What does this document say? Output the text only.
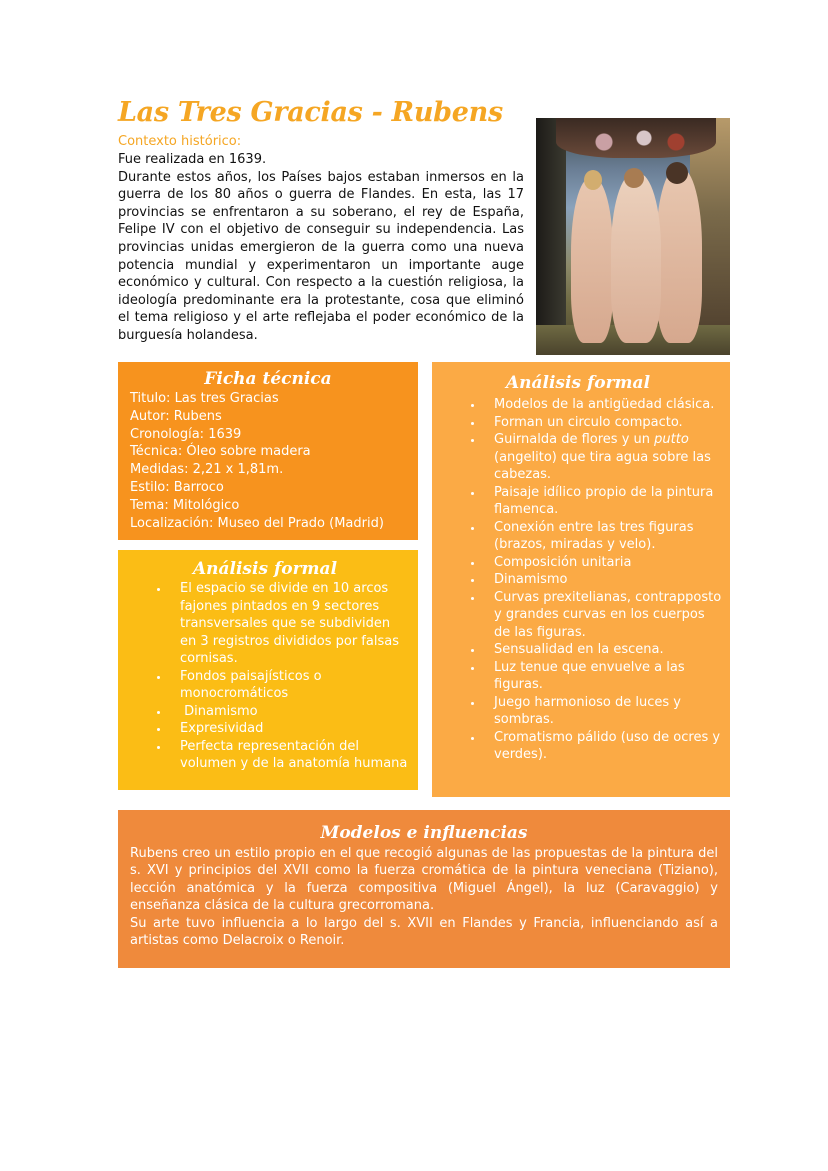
Las Tres Gracias - Rubens
Contexto histórico:

Fue realizada en 1639.

Durante estos años, los Países bajos estaban inmersos en la guerra de los 80 años o guerra de Flandes. En esta, las 17 provincias se enfrentaron a su soberano, el rey de España, Felipe IV con el objetivo de conseguir su independencia. Las provincias unidas emergieron de la guerra como una nueva potencia mundial y experimentaron un importante auge económico y cultural. Con respecto a la cuestión religiosa, la ideología predominante era la protestante, cosa que eliminó el tema religioso y el arte reflejaba el poder económico de la burguesía holandesa.

Ficha técnica
Titulo: Las tres Gracias
Autor: Rubens
Cronología: 1639
Técnica: Óleo sobre madera
Medidas: 2,21 x 1,81m.
Estilo: Barroco
Tema: Mitológico
Localización: Museo del Prado (Madrid)
Análisis formal
• El espacio se divide en 10 arcos fajones pintados en 9 sectores transversales que se subdividen en 3 registros divididos por falsas cornisas.
• Fondos paisajísticos o monocromáticos
•  Dinamismo
• Expresividad
• Perfecta representación del volumen y de la anatomía humana
Análisis formal
• Modelos de la antigüedad clásica.
• Forman un circulo compacto.
• Guirnalda de flores y un putto (angelito) que tira agua sobre las cabezas.
• Paisaje idílico propio de la pintura flamenca.
• Conexión entre las tres figuras (brazos, miradas y velo).
• Composición unitaria
• Dinamismo
• Curvas prexitelianas, contrapposto y grandes curvas en los cuerpos de las figuras.
• Sensualidad en la escena.
• Luz tenue que envuelve a las figuras.
• Juego harmonioso de luces y sombras.
• Cromatismo pálido (uso de ocres y verdes).
Modelos e influencias

Rubens creo un estilo propio en el que recogió algunas de las propuestas de la pintura del s. XVI y principios del XVII como la fuerza cromática de la pintura veneciana (Tiziano), lección anatómica y la fuerza compositiva (Miguel Ángel), la luz (Caravaggio) y enseñanza clásica de la cultura grecorromana.

Su arte tuvo influencia a lo largo del s. XVII en Flandes y Francia, influenciando así a artistas como Delacroix o Renoir.
